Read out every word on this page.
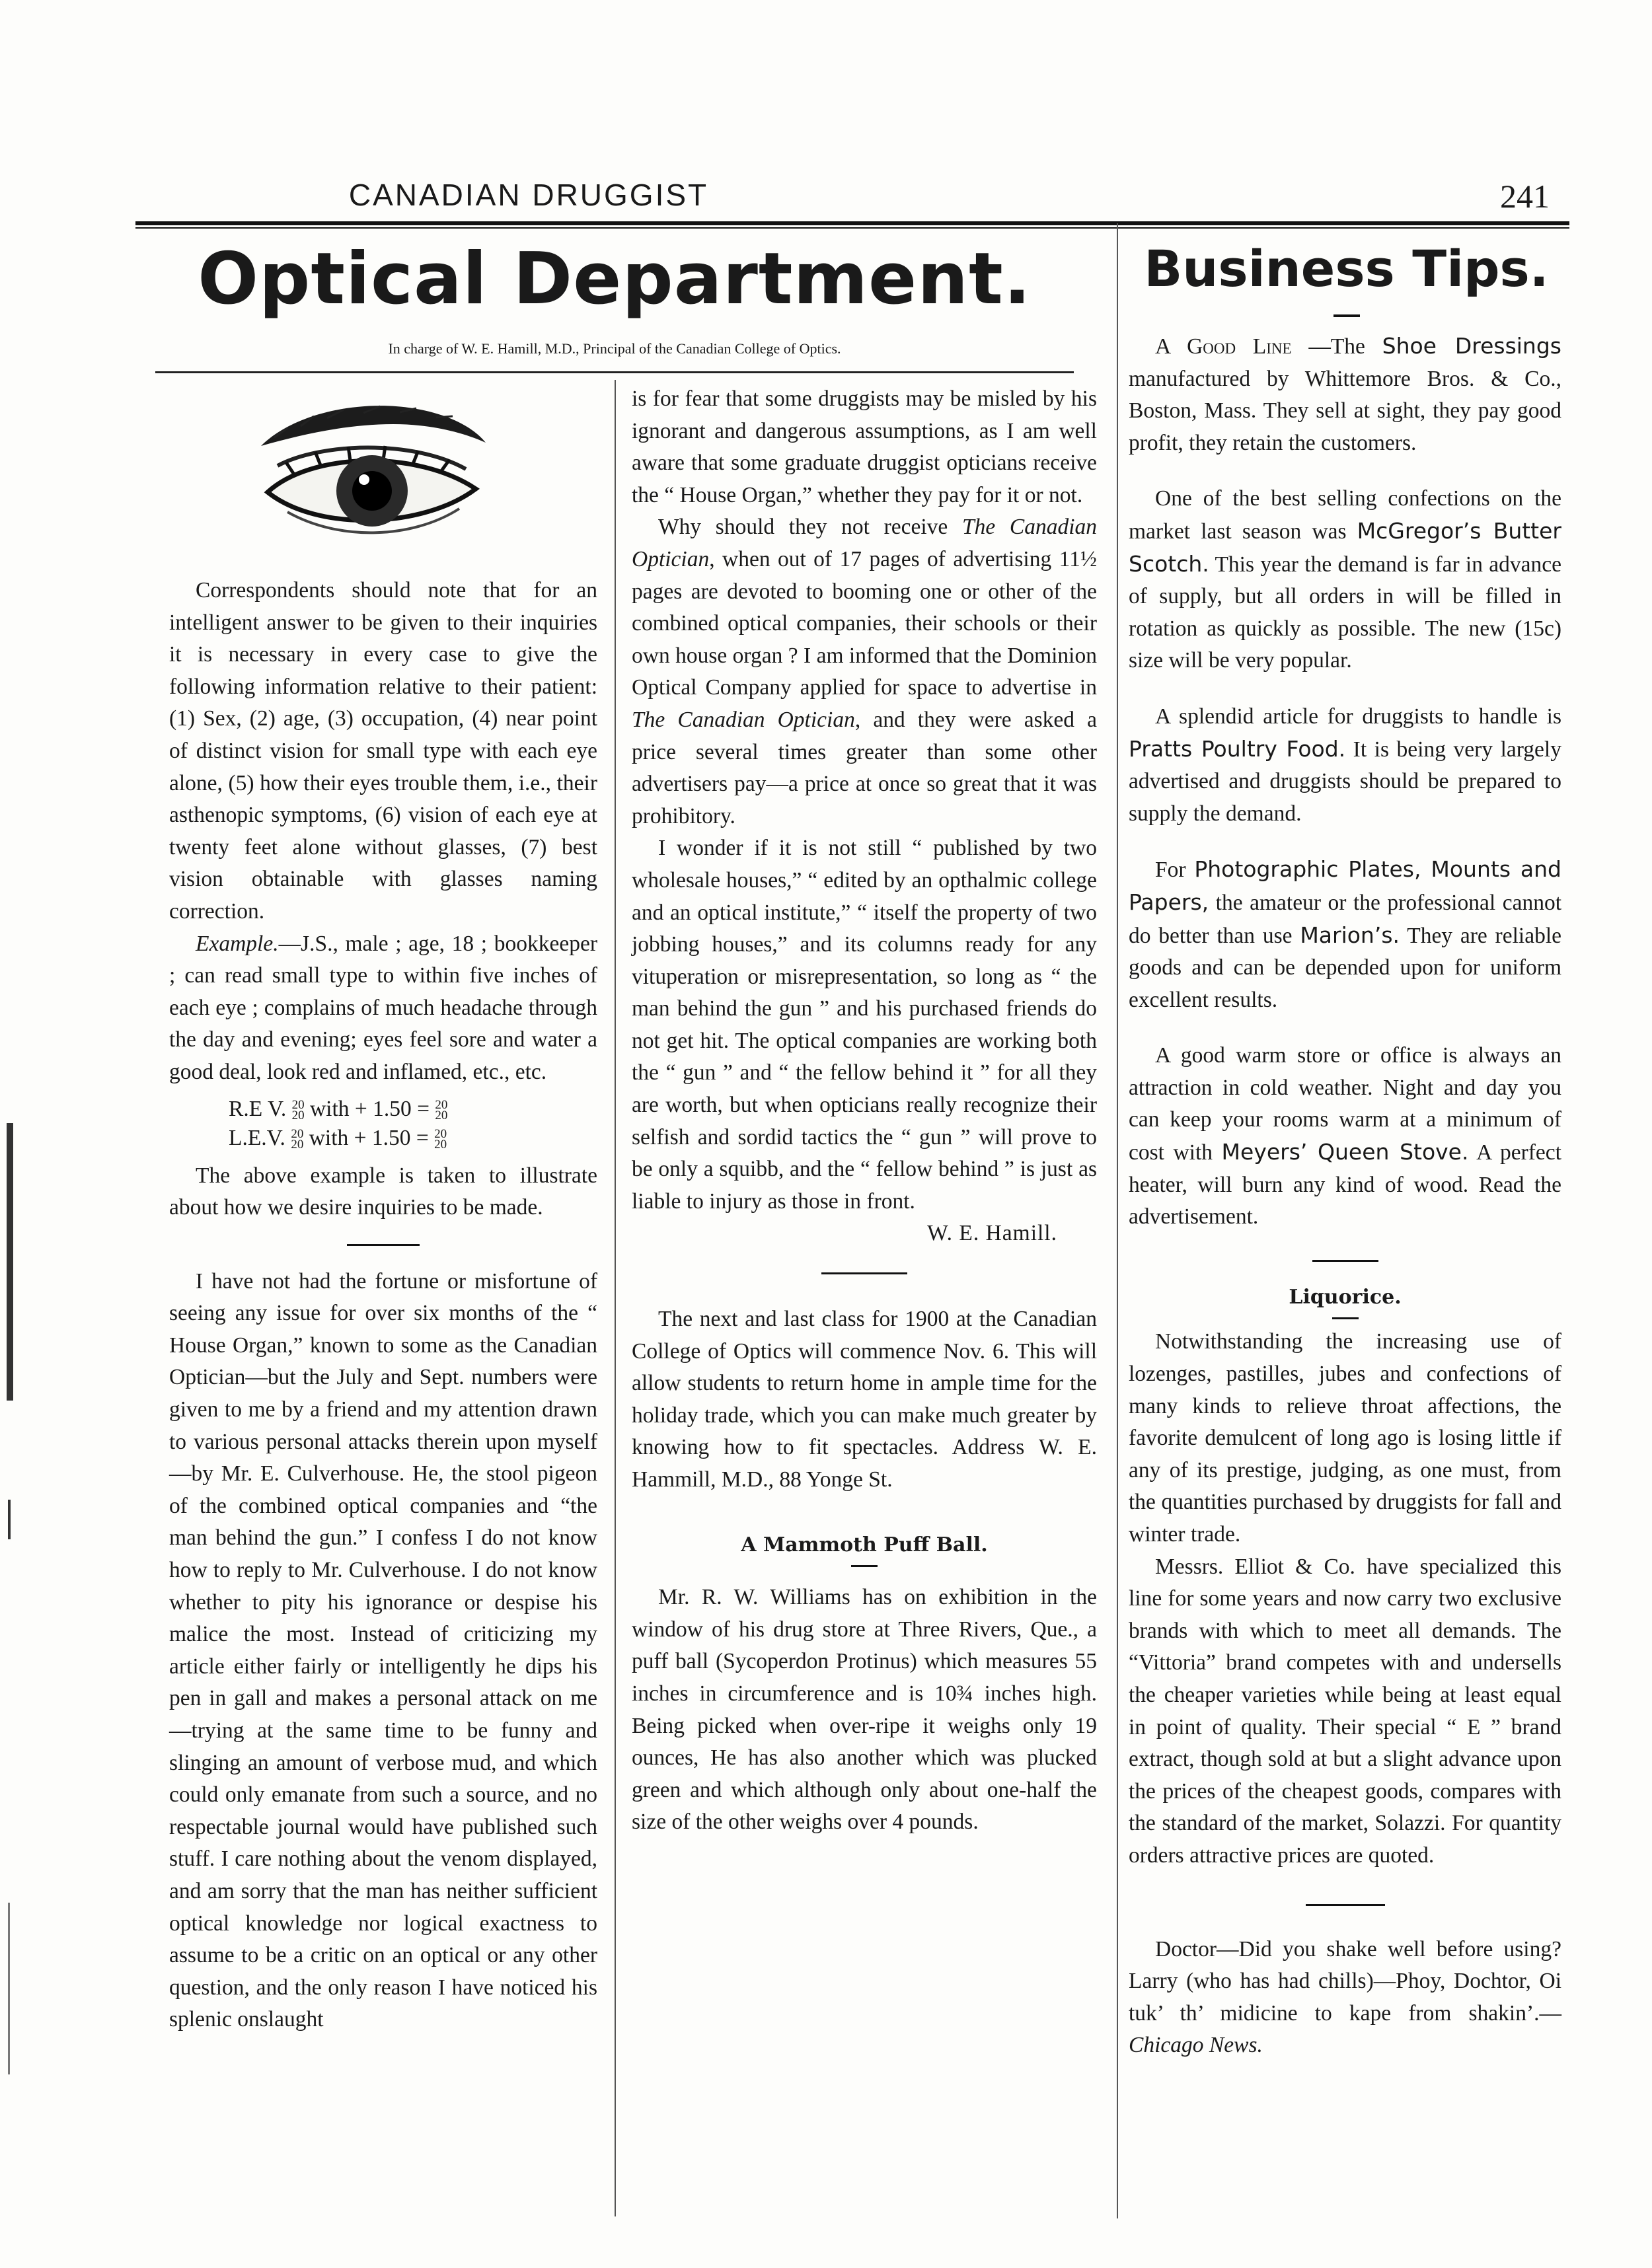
CANADIAN DRUGGIST	241
Optical Department.	Business Tips.
In charge of W. E. Hamill, M.D., Principal of the Canadian College of Optics.

Correspondents should note that for an intelligent answer to be given to their inquiries it is necessary in every case to give the following information relative to their patient: (1) Sex, (2) age, (3) occupation, (4) near point of distinct vision for small type with each eye alone, (5) how their eyes trouble them, i.e., their asthenopic symptoms, (6) vision of each eye at twenty feet alone without glasses, (7) best vision obtainable with glasses naming correction.

Example.—J.S., male ; age, 18 ; bookkeeper ; can read small type to within five inches of each eye ; complains of much headache through the day and evening; eyes feel sore and water a good deal, look red and inflamed, etc., etc.

R.E V. 20
20 with + 1.50 = 20
20
L.E.V. 20
20 with + 1.50 = 20
20

The above example is taken to illustrate about how we desire inquiries to be made.

I have not had the fortune or misfortune of seeing any issue for over six months of the “ House Organ,” known to some as the Canadian Optician—but the July and Sept. numbers were given to me by a friend and my attention drawn to various personal attacks therein upon myself—by Mr. E. Culverhouse. He, the stool pigeon of the combined optical companies and “the man behind the gun.” I confess I do not know how to reply to Mr. Culverhouse. I do not know whether to pity his ignorance or despise his malice the most. Instead of criticizing my article either fairly or intelligently he dips his pen in gall and makes a personal attack on me—trying at the same time to be funny and slinging an amount of verbose mud, and which could only emanate from such a source, and no respectable journal would have published such stuff. I care nothing about the venom displayed, and am sorry that the man has neither sufficient optical knowledge nor logical exactness to assume to be a critic on an optical or any other question, and the only reason I have noticed his splenic onslaught

is for fear that some druggists may be misled by his ignorant and dangerous assumptions, as I am well aware that some graduate druggist opticians receive the “ House Organ,” whether they pay for it or not.

Why should they not receive The Canadian Optician, when out of 17 pages of advertising 11½ pages are devoted to booming one or other of the combined optical companies, their schools or their own house organ ? I am informed that the Dominion Optical Company applied for space to advertise in The Canadian Optician, and they were asked a price several times greater than some other advertisers pay—a price at once so great that it was prohibitory.

I wonder if it is not still “ published by two wholesale houses,” “ edited by an opthalmic college and an optical institute,” “ itself the property of two jobbing houses,” and its columns ready for any vituperation or misrepresentation, so long as “ the man behind the gun ” and his purchased friends do not get hit. The optical companies are working both the “ gun ” and “ the fellow behind it ” for all they are worth, but when opticians really recognize their selfish and sordid tactics the “ gun ” will prove to be only a squibb, and the “ fellow behind ” is just as liable to injury as those in front.

W. E. Hamill.

The next and last class for 1900 at the Canadian College of Optics will commence Nov. 6. This will allow students to return home in ample time for the holiday trade, which you can make much greater by knowing how to fit spectacles. Address W. E. Hammill, M.D., 88 Yonge St.

A Mammoth Puff Ball.

Mr. R. W. Williams has on exhibition in the window of his drug store at Three Rivers, Que., a puff ball (Sycoperdon Protinus) which measures 55 inches in circumference and is 10¾ inches high. Being picked when over-ripe it weighs only 19 ounces, He has also another which was plucked green and which although only about one-half the size of the other weighs over 4 pounds.

A Good Line —The Shoe Dressings manufactured by Whittemore Bros. & Co., Boston, Mass. They sell at sight, they pay good profit, they retain the customers.

One of the best selling confections on the market last season was McGregor’s Butter Scotch. This year the demand is far in advance of supply, but all orders in will be filled in rotation as quickly as possible. The new (15c) size will be very popular.

A splendid article for druggists to handle is Pratts Poultry Food. It is being very largely advertised and druggists should be prepared to supply the demand.

For Photographic Plates, Mounts and Papers, the amateur or the professional cannot do better than use Marion’s. They are reliable goods and can be depended upon for uniform excellent results.

A good warm store or office is always an attraction in cold weather. Night and day you can keep your rooms warm at a minimum of cost with Meyers’ Queen Stove. A perfect heater, will burn any kind of wood. Read the advertisement.

Liquorice.

Notwithstanding the increasing use of lozenges, pastilles, jubes and confections of many kinds to relieve throat affections, the favorite demulcent of long ago is losing little if any of its prestige, judging, as one must, from the quantities purchased by druggists for fall and winter trade.

Messrs. Elliot & Co. have specialized this line for some years and now carry two exclusive brands with which to meet all demands. The “Vittoria” brand competes with and undersells the cheaper varieties while being at least equal in point of quality. Their special “ E ” brand extract, though sold at but a slight advance upon the prices of the cheapest goods, compares with the standard of the market, Solazzi. For quantity orders attractive prices are quoted.

Doctor—Did you shake well before using? Larry (who has had chills)—Phoy, Dochtor, Oi tuk’ th’ midicine to kape from shakin’.—Chicago News.
